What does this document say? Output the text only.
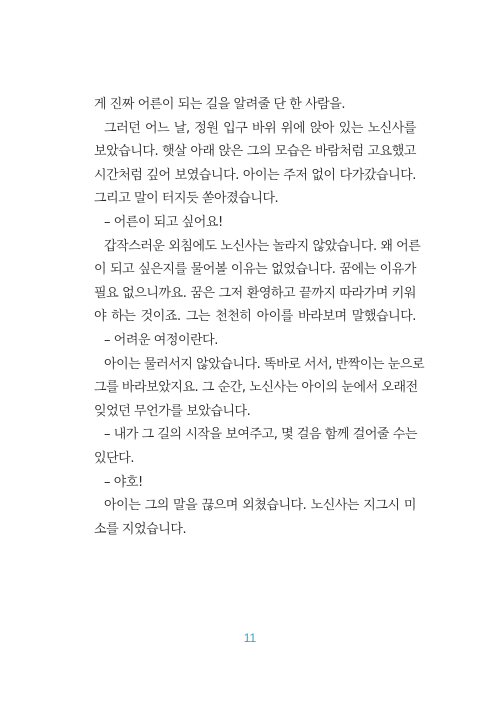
게 진짜 어른이 되는 길을 알려줄 단 한 사람을.
그러던 어느 날, 정원 입구 바위 위에 앉아 있는 노신사를
보았습니다. 햇살 아래 앉은 그의 모습은 바람처럼 고요했고
시간처럼 깊어 보였습니다. 아이는 주저 없이 다가갔습니다.
그리고 말이 터지듯 쏟아졌습니다.
– 어른이 되고 싶어요!
갑작스러운 외침에도 노신사는 놀라지 않았습니다. 왜 어른
이 되고 싶은지를 물어볼 이유는 없었습니다. 꿈에는 이유가
필요 없으니까요. 꿈은 그저 환영하고 끝까지 따라가며 키워
야 하는 것이죠. 그는 천천히 아이를 바라보며 말했습니다.
– 어려운 여정이란다.
아이는 물러서지 않았습니다. 똑바로 서서, 반짝이는 눈으로
그를 바라보았지요. 그 순간, 노신사는 아이의 눈에서 오래전
잊었던 무언가를 보았습니다.
– 내가 그 길의 시작을 보여주고, 몇 걸음 함께 걸어줄 수는
있단다.
– 야호!
아이는 그의 말을 끊으며 외쳤습니다. 노신사는 지그시 미
소를 지었습니다.
11
